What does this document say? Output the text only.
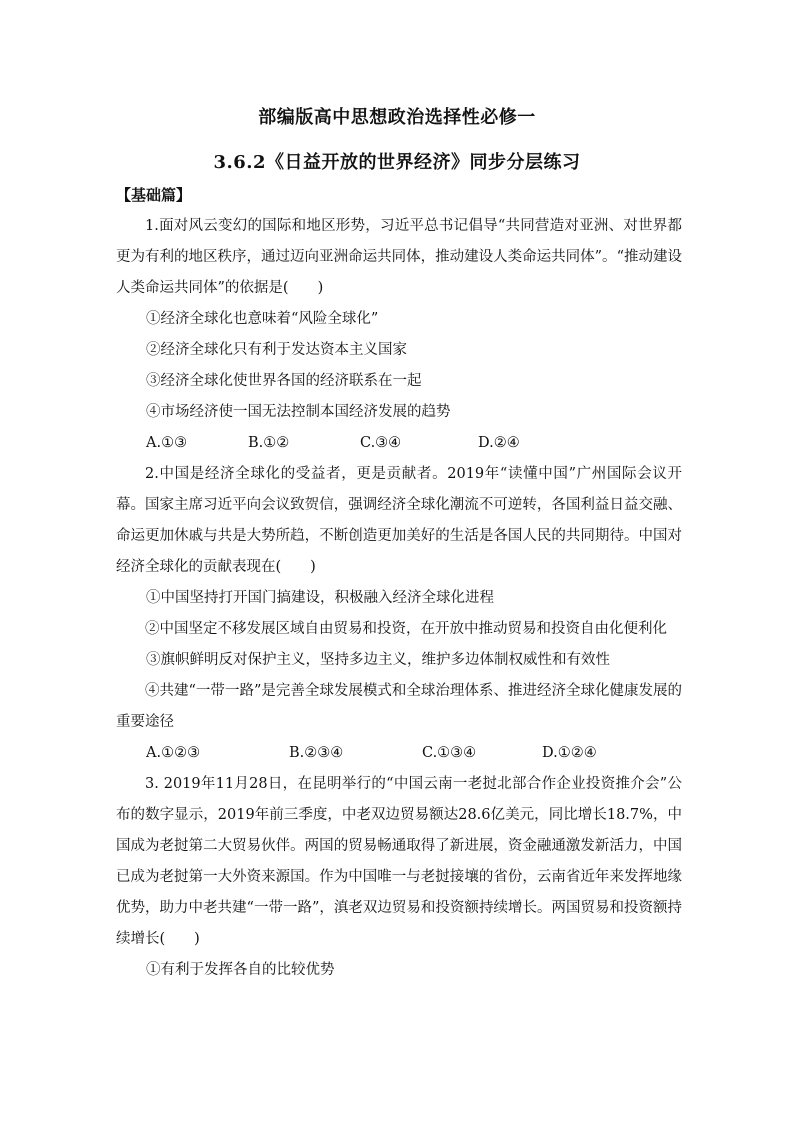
部编版高中思想政治选择性必修一
3.6.2《日益开放的世界经济》同步分层练习
【基础篇】

1.面对风云变幻的国际和地区形势，习近平总书记倡导“共同营造对亚洲、对世界都更为有利的地区秩序，通过迈向亚洲命运共同体，推动建设人类命运共同体”。“推动建设人类命运共同体”的依据是(　　)

①经济全球化也意味着“风险全球化”

②经济全球化只有利于发达资本主义国家

③经济全球化使世界各国的经济联系在一起

④市场经济使一国无法控制本国经济发展的趋势

A.①③	B.①②	C.③④	D.②④

2.中国是经济全球化的受益者，更是贡献者。2019年“读懂中国”广州国际会议开幕。国家主席习近平向会议致贺信，强调经济全球化潮流不可逆转，各国利益日益交融、命运更加休戚与共是大势所趋，不断创造更加美好的生活是各国人民的共同期待。中国对经济全球化的贡献表现在(　　)

①中国坚持打开国门搞建设，积极融入经济全球化进程

②中国坚定不移发展区域自由贸易和投资，在开放中推动贸易和投资自由化便利化

③旗帜鲜明反对保护主义，坚持多边主义，维护多边体制权威性和有效性

④共建“一带一路”是完善全球发展模式和全球治理体系、推进经济全球化健康发展的重要途径

A.①②③	B.②③④	C.①③④	D.①②④

3. 2019年11月28日，在昆明举行的“中国云南一老挝北部合作企业投资推介会”公布的数字显示，2019年前三季度，中老双边贸易额达28.6亿美元，同比增长18.7%，中国成为老挝第二大贸易伙伴。两国的贸易畅通取得了新进展，资金融通激发新活力，中国已成为老挝第一大外资来源国。作为中国唯一与老挝接壤的省份，云南省近年来发挥地缘优势，助力中老共建“一带一路”，滇老双边贸易和投资额持续增长。两国贸易和投资额持续增长(　　)

①有利于发挥各自的比较优势
